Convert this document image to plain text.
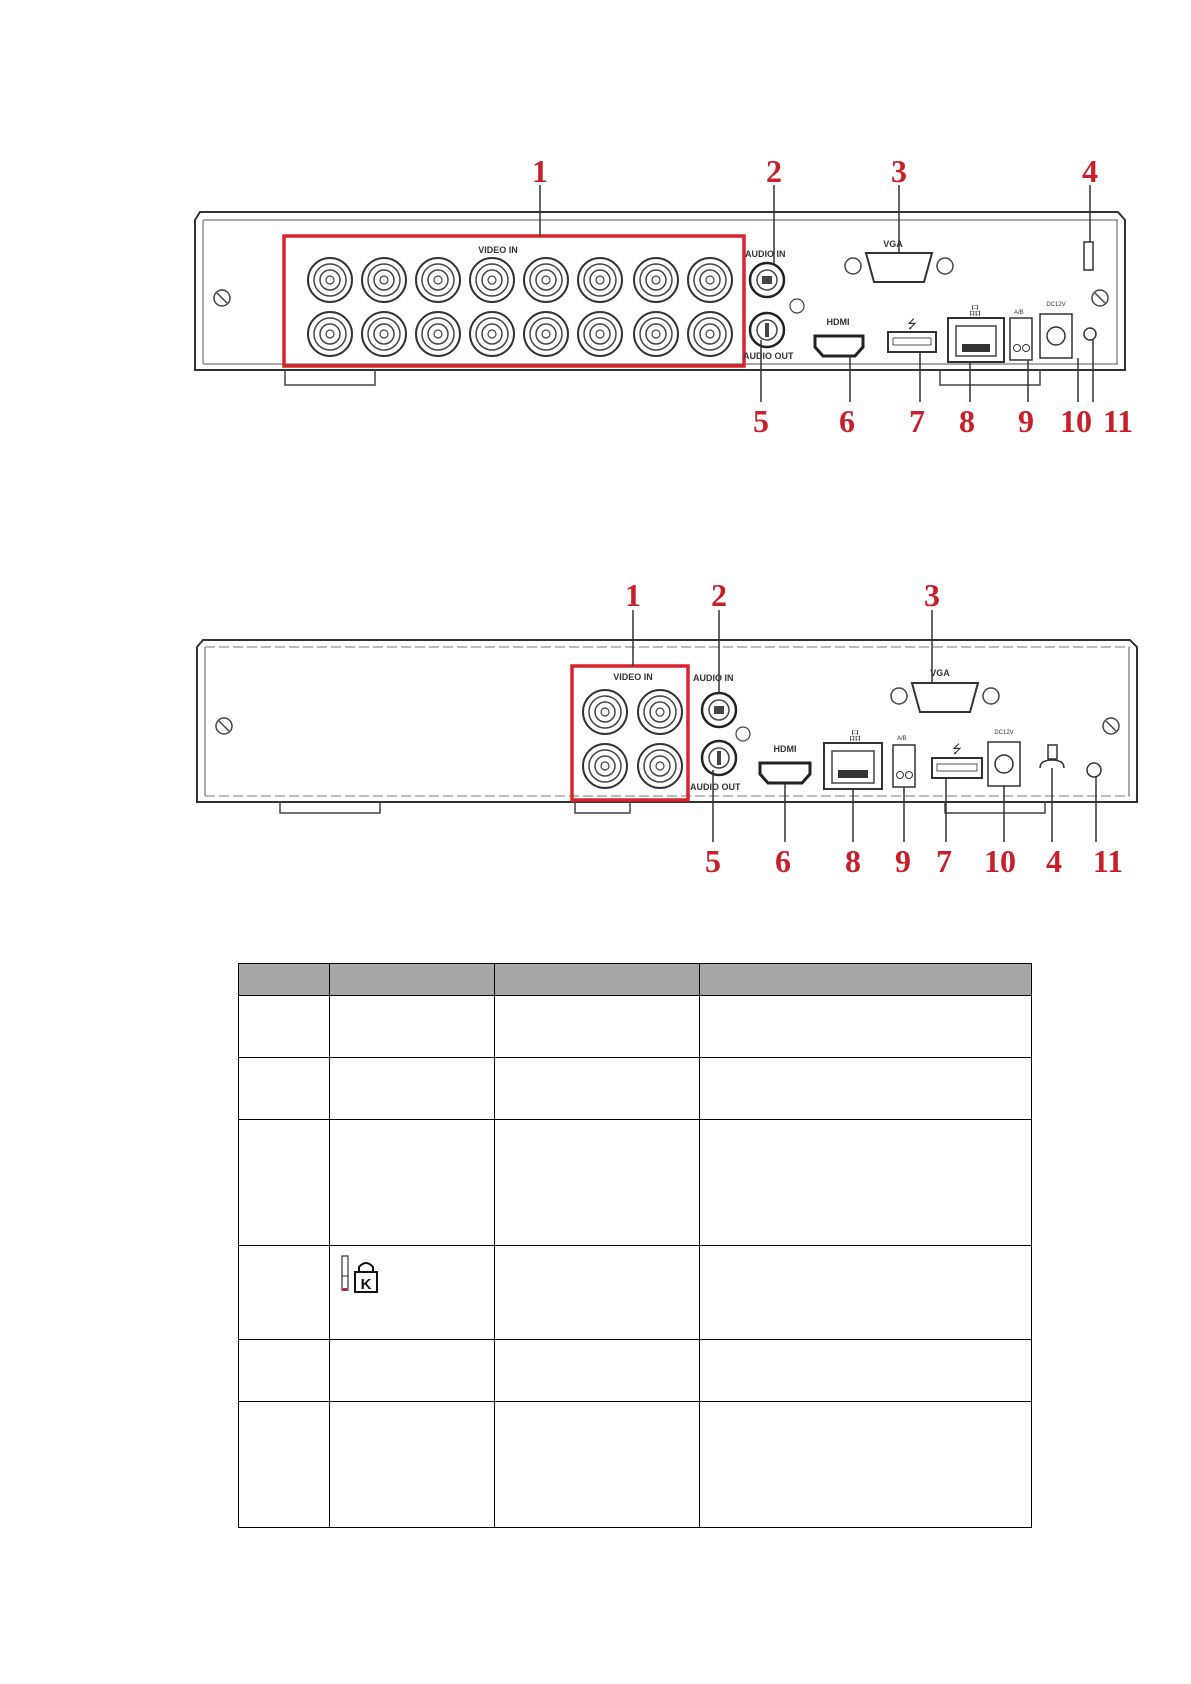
VIDEO IN	AUDIO IN
AUDIO OUT
VGA
HDMI	⭍
品	A/B
DC12V
1	2	3	4
5 6 7 8 9 10 11
VIDEO IN	AUDIO IN
AUDIO OUT
VGA
HDMI
品	A/B
⭍
DC12V
1 2	3
5 6 8 9 7 10 4 11

K		
